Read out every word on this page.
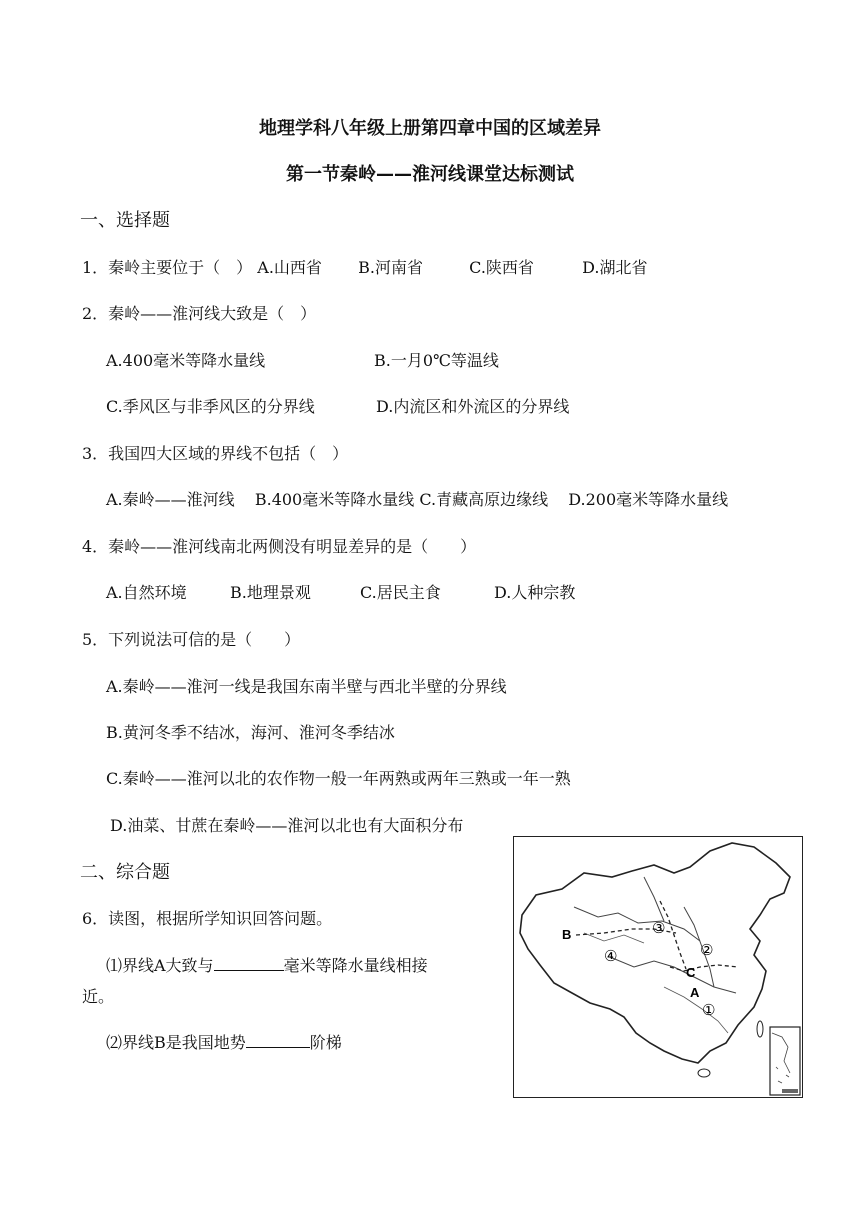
地理学科八年级上册第四章中国的区域差异
第一节秦岭——淮河线课堂达标测试
一、选择题
1．秦岭主要位于（　） A.山西省 B.河南省	C.陕西省	D.湖北省
2．秦岭——淮河线大致是（　）
A.400毫米等降水量线	B.一月0℃等温线
C.季风区与非季风区的分界线	D.内流区和外流区的分界线
3．我国四大区域的界线不包括（　）
A.秦岭——淮河线 B.400毫米等降水量线 C.青藏高原边缘线 D.200毫米等降水量线
4．秦岭——淮河线南北两侧没有明显差异的是（　　）
A.自然环境	B.地理景观	C.居民主食	D.人种宗教
5．下列说法可信的是（　　）
A.秦岭——淮河一线是我国东南半壁与西北半壁的分界线
B.黄河冬季不结冰，海河、淮河冬季结冰
C.秦岭——淮河以北的农作物一般一年两熟或两年三熟或一年一熟
D.油菜、甘蔗在秦岭——淮河以北也有大面积分布
二、综合题
6．读图，根据所学知识回答问题。
⑴界线A大致与	毫米等降水量线相接
近。
⑵界线B是我国地势	阶梯
B
C
A
③
②
④
①
